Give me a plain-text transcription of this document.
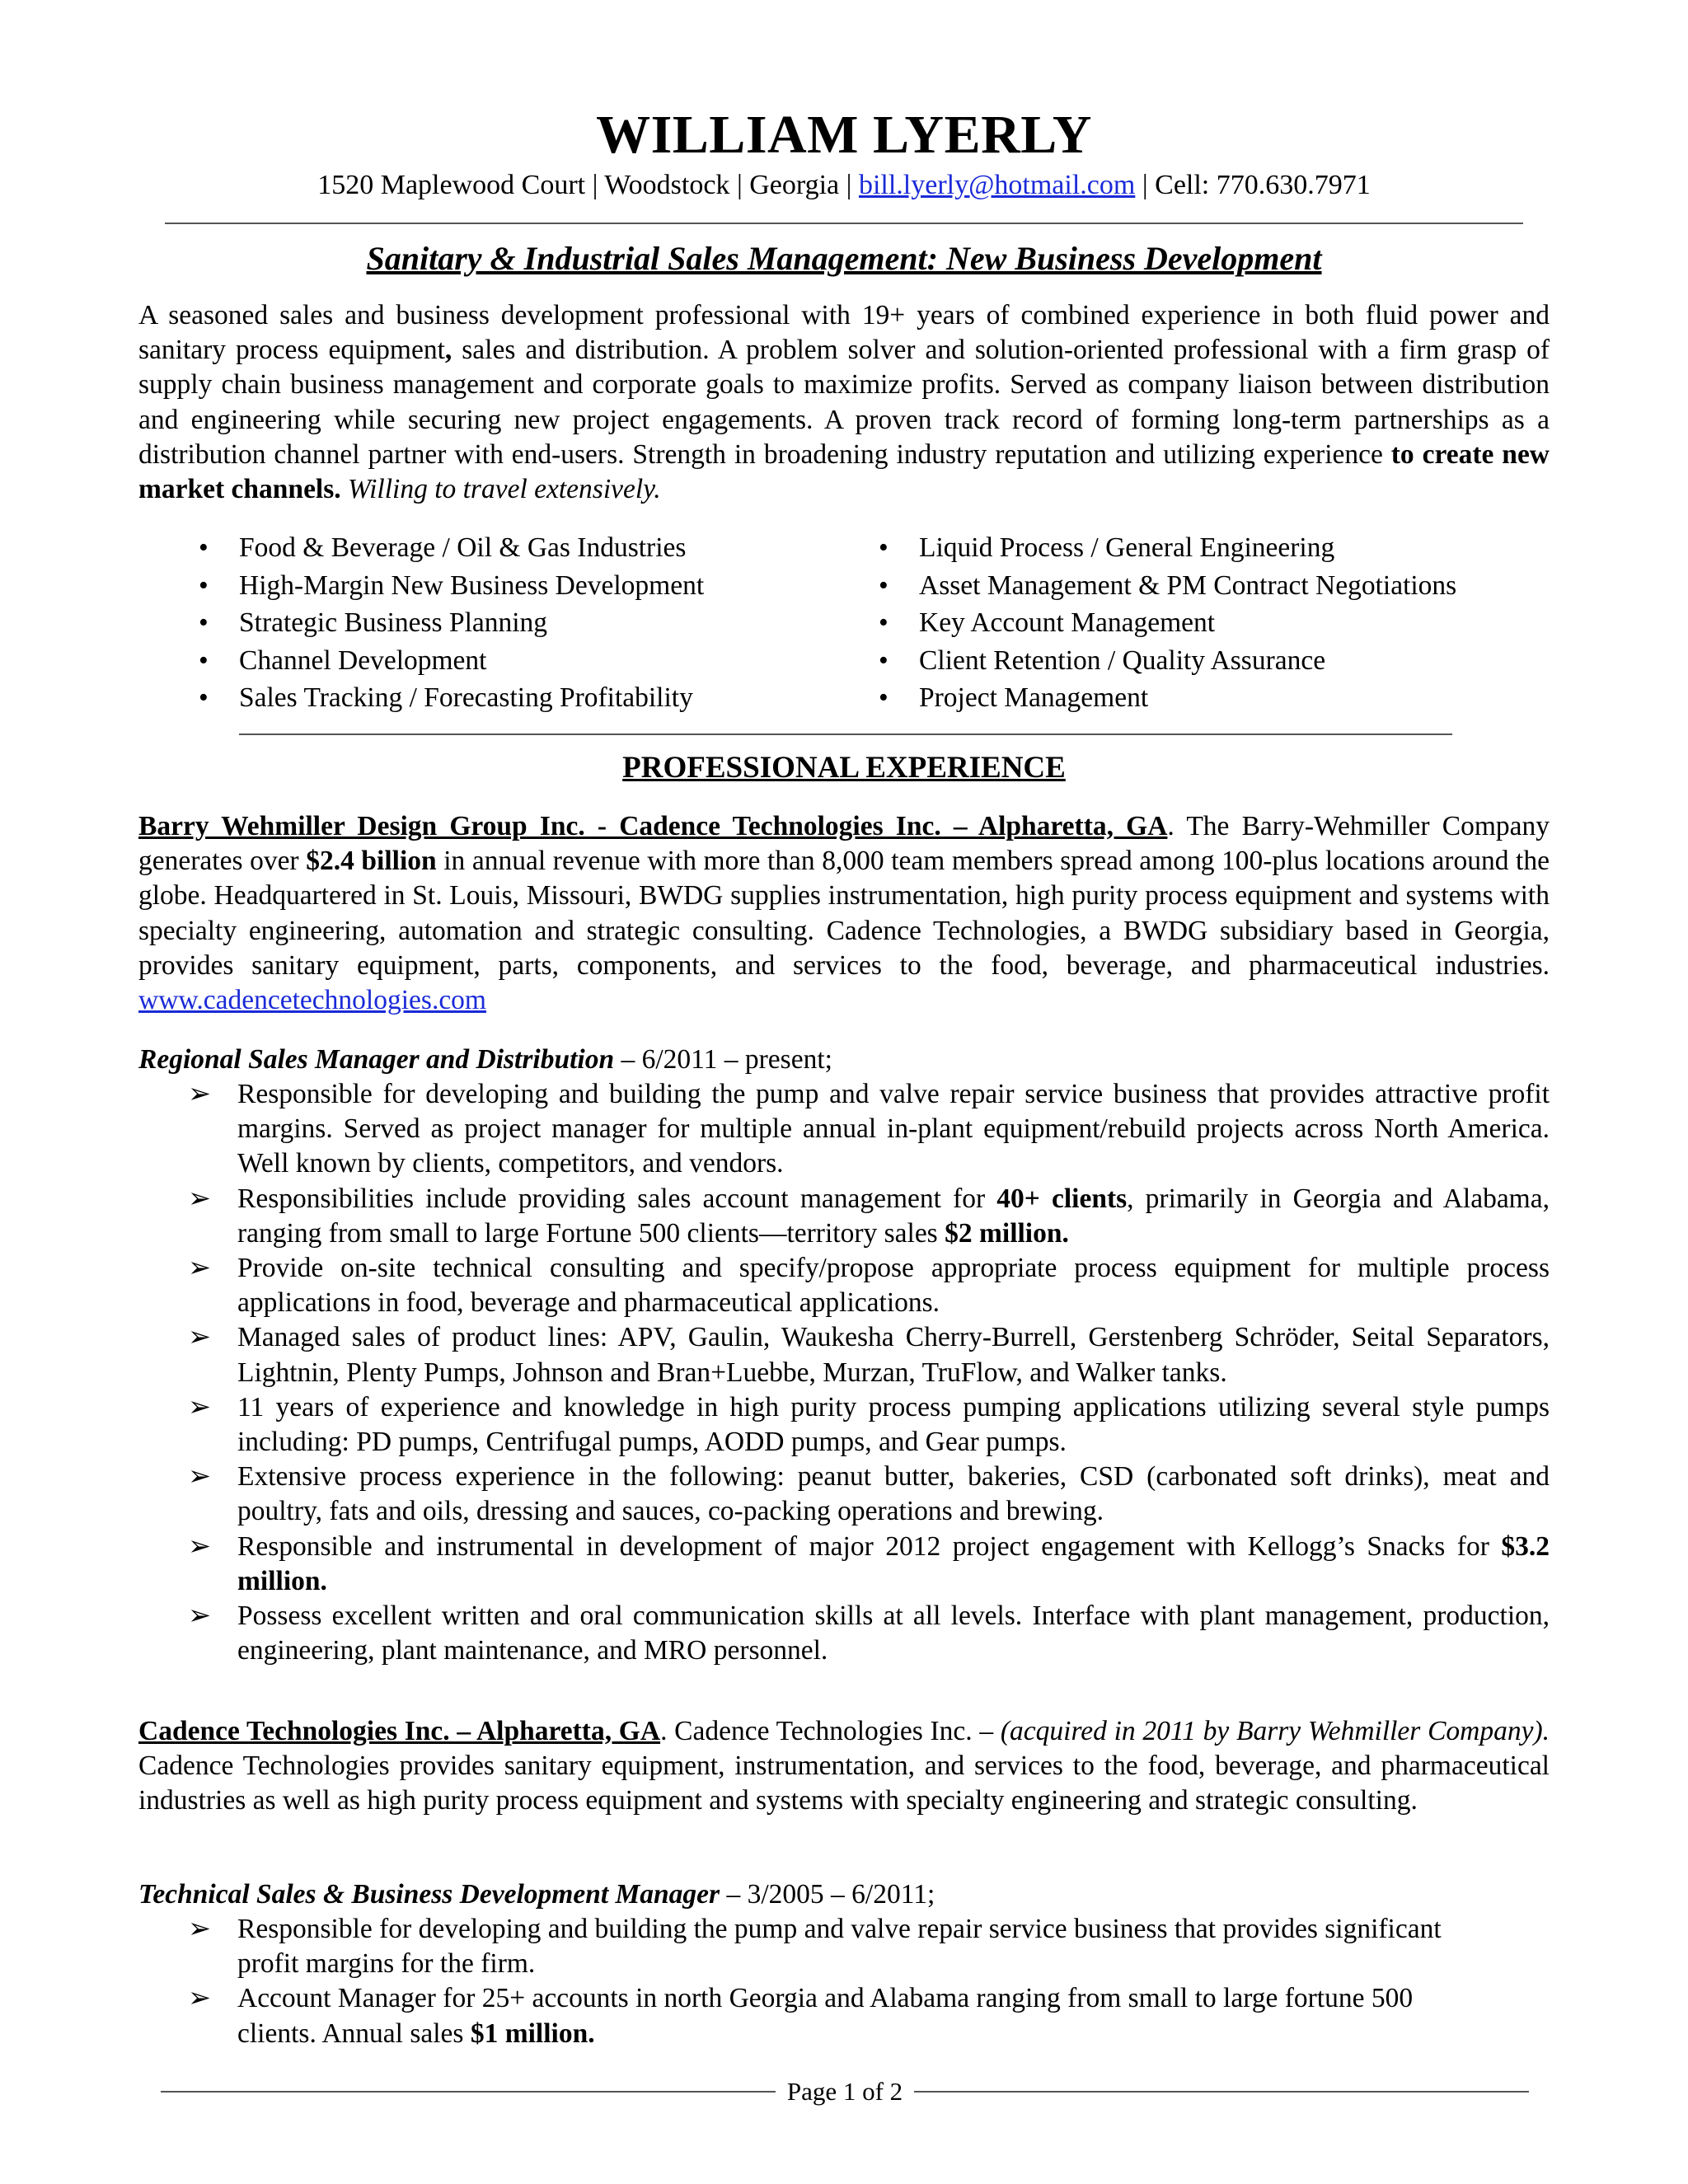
WILLIAM LYERLY
1520 Maplewood Court | Woodstock | Georgia | bill.lyerly@hotmail.com | Cell: 770.630.7971
Sanitary & Industrial Sales Management: New Business Development

A seasoned sales and business development professional with 19+ years of combined experience in both fluid power and sanitary process equipment, sales and distribution. A problem solver and solution-oriented professional with a firm grasp of supply chain business management and corporate goals to maximize profits. Served as company liaison between distribution and engineering while securing new project engagements. A proven track record of forming long-term partnerships as a distribution channel partner with end-users. Strength in broadening industry reputation and utilizing experience to create new market channels. Willing to travel extensively.

• Food & Beverage / Oil & Gas Industries	• Liquid Process / General Engineering
• High-Margin New Business Development	• Asset Management & PM Contract Negotiations
• Strategic Business Planning	• Key Account Management
• Channel Development	• Client Retention / Quality Assurance
• Sales Tracking / Forecasting Profitability	• Project Management
PROFESSIONAL EXPERIENCE

Barry Wehmiller Design Group Inc. - Cadence Technologies Inc. – Alpharetta, GA. The Barry-Wehmiller Company generates over $2.4 billion in annual revenue with more than 8,000 team members spread among 100-plus locations around the globe. Headquartered in St. Louis, Missouri, BWDG supplies instrumentation, high purity process equipment and systems with specialty engineering, automation and strategic consulting. Cadence Technologies, a BWDG subsidiary based in Georgia, provides sanitary equipment, parts, components, and services to the food, beverage, and pharmaceutical industries. www.cadencetechnologies.com

Regional Sales Manager and Distribution – 6/2011 – present;
➢ Responsible for developing and building the pump and valve repair service business that provides attractive profit margins. Served as project manager for multiple annual in-plant equipment/rebuild projects across North America. Well known by clients, competitors, and vendors.
➢ Responsibilities include providing sales account management for 40+ clients, primarily in Georgia and Alabama, ranging from small to large Fortune 500 clients—territory sales $2 million.
➢ Provide on-site technical consulting and specify/propose appropriate process equipment for multiple process applications in food, beverage and pharmaceutical applications.
➢ Managed sales of product lines: APV, Gaulin, Waukesha Cherry-Burrell, Gerstenberg Schröder, Seital Separators, Lightnin, Plenty Pumps, Johnson and Bran+Luebbe, Murzan, TruFlow, and Walker tanks.
➢ 11 years of experience and knowledge in high purity process pumping applications utilizing several style pumps including: PD pumps, Centrifugal pumps, AODD pumps, and Gear pumps.
➢ Extensive process experience in the following: peanut butter, bakeries, CSD (carbonated soft drinks), meat and poultry, fats and oils, dressing and sauces, co-packing operations and brewing.
➢ Responsible and instrumental in development of major 2012 project engagement with Kellogg’s Snacks for $3.2 million.
➢ Possess excellent written and oral communication skills at all levels. Interface with plant management, production, engineering, plant maintenance, and MRO personnel.

Cadence Technologies Inc. – Alpharetta, GA. Cadence Technologies Inc. – (acquired in 2011 by Barry Wehmiller Company). Cadence Technologies provides sanitary equipment, instrumentation, and services to the food, beverage, and pharmaceutical industries as well as high purity process equipment and systems with specialty engineering and strategic consulting.

Technical Sales & Business Development Manager – 3/2005 – 6/2011;
➢ Responsible for developing and building the pump and valve repair service business that provides significant profit margins for the firm.
➢ Account Manager for 25+ accounts in north Georgia and Alabama ranging from small to large fortune 500 clients. Annual sales $1 million.
Page 1 of 2
